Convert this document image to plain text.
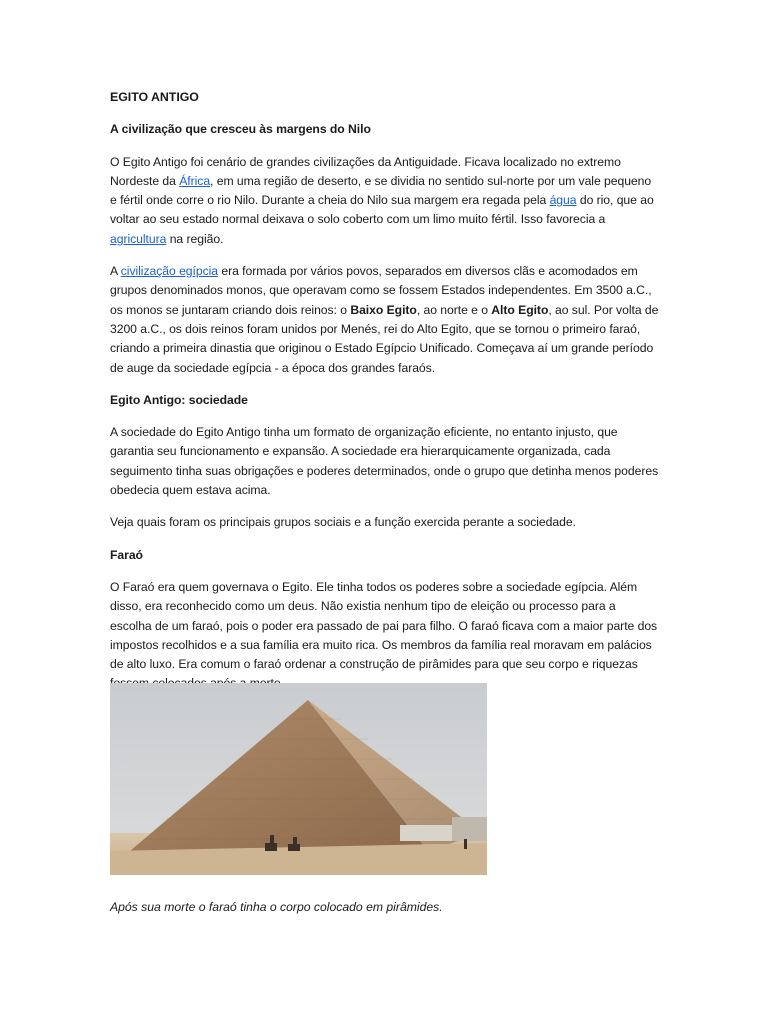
EGITO ANTIGO

A civilização que cresceu às margens do Nilo

O Egito Antigo foi cenário de grandes civilizações da Antiguidade. Ficava localizado no extremo Nordeste da África, em uma região de deserto, e se dividia no sentido sul-norte por um vale pequeno e fértil onde corre o rio Nilo. Durante a cheia do Nilo sua margem era regada pela água do rio, que ao voltar ao seu estado normal deixava o solo coberto com um limo muito fértil. Isso favorecia a agricultura na região.

A civilização egípcia era formada por vários povos, separados em diversos clãs e acomodados em grupos denominados monos, que operavam como se fossem Estados independentes. Em 3500 a.C., os monos se juntaram criando dois reinos: o Baixo Egito, ao norte e o Alto Egito, ao sul. Por volta de 3200 a.C., os dois reinos foram unidos por Menés, rei do Alto Egito, que se tornou o primeiro faraó, criando a primeira dinastia que originou o Estado Egípcio Unificado. Começava aí um grande período de auge da sociedade egípcia - a época dos grandes faraós.

Egito Antigo: sociedade

A sociedade do Egito Antigo tinha um formato de organização eficiente, no entanto injusto, que garantia seu funcionamento e expansão. A sociedade era hierarquicamente organizada, cada seguimento tinha suas obrigações e poderes determinados, onde o grupo que detinha menos poderes obedecia quem estava acima.

Veja quais foram os principais grupos sociais e a função exercida perante a sociedade.

Faraó

O Faraó era quem governava o Egito. Ele tinha todos os poderes sobre a sociedade egípcia. Além disso, era reconhecido como um deus. Não existia nenhum tipo de eleição ou processo para a escolha de um faraó, pois o poder era passado de pai para filho. O faraó ficava com a maior parte dos impostos recolhidos e a sua família era muito rica. Os membros da família real moravam em palácios de alto luxo. Era comum o faraó ordenar a construção de pirâmides para que seu corpo e riquezas

Após sua morte o faraó tinha o corpo colocado em pirâmides.
